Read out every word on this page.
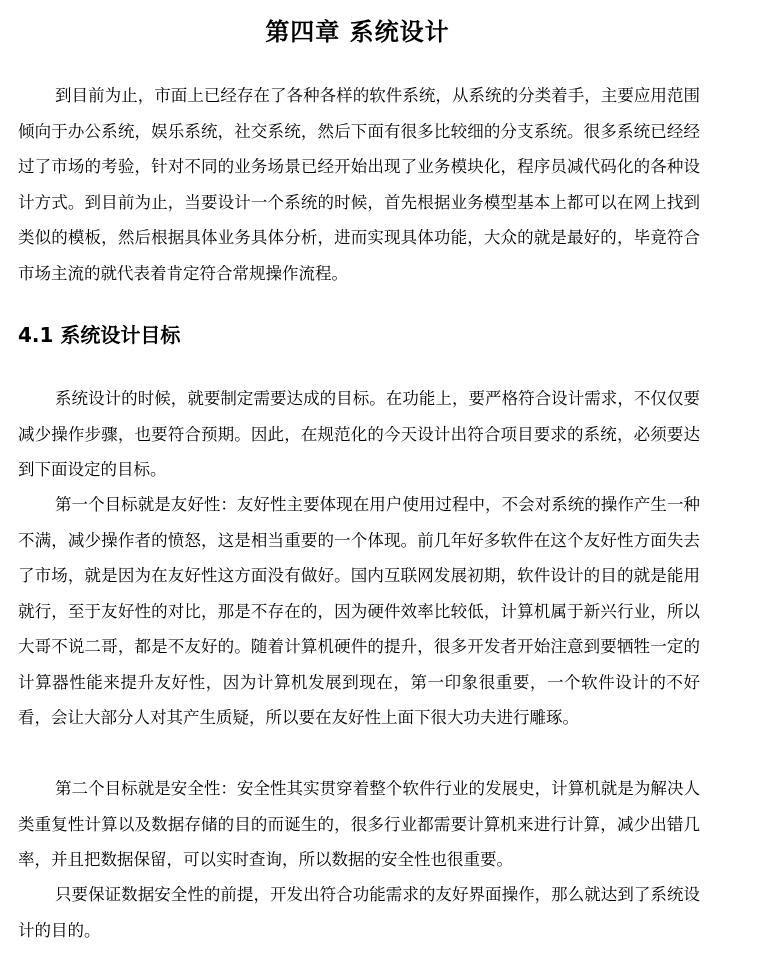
第四章 系统设计

到目前为止，市面上已经存在了各种各样的软件系统，从系统的分类着手，主要应用范围倾向于办公系统，娱乐系统，社交系统，然后下面有很多比较细的分支系统。很多系统已经经过了市场的考验，针对不同的业务场景已经开始出现了业务模块化，程序员减代码化的各种设计方式。到目前为止，当要设计一个系统的时候，首先根据业务模型基本上都可以在网上找到类似的模板，然后根据具体业务具体分析，进而实现具体功能，大众的就是最好的，毕竟符合市场主流的就代表着肯定符合常规操作流程。

4.1 系统设计目标

系统设计的时候，就要制定需要达成的目标。在功能上，要严格符合设计需求，不仅仅要减少操作步骤，也要符合预期。因此，在规范化的今天设计出符合项目要求的系统，必须要达到下面设定的目标。

第一个目标就是友好性：友好性主要体现在用户使用过程中，不会对系统的操作产生一种不满，减少操作者的愤怒，这是相当重要的一个体现。前几年好多软件在这个友好性方面失去了市场，就是因为在友好性这方面没有做好。国内互联网发展初期，软件设计的目的就是能用就行，至于友好性的对比，那是不存在的，因为硬件效率比较低，计算机属于新兴行业，所以大哥不说二哥，都是不友好的。随着计算机硬件的提升，很多开发者开始注意到要牺牲一定的计算器性能来提升友好性，因为计算机发展到现在，第一印象很重要，一个软件设计的不好看，会让大部分人对其产生质疑，所以要在友好性上面下很大功夫进行雕琢。

第二个目标就是安全性：安全性其实贯穿着整个软件行业的发展史，计算机就是为解决人类重复性计算以及数据存储的目的而诞生的，很多行业都需要计算机来进行计算，减少出错几率，并且把数据保留，可以实时查询，所以数据的安全性也很重要。

只要保证数据安全性的前提，开发出符合功能需求的友好界面操作，那么就达到了系统设计的目的。
